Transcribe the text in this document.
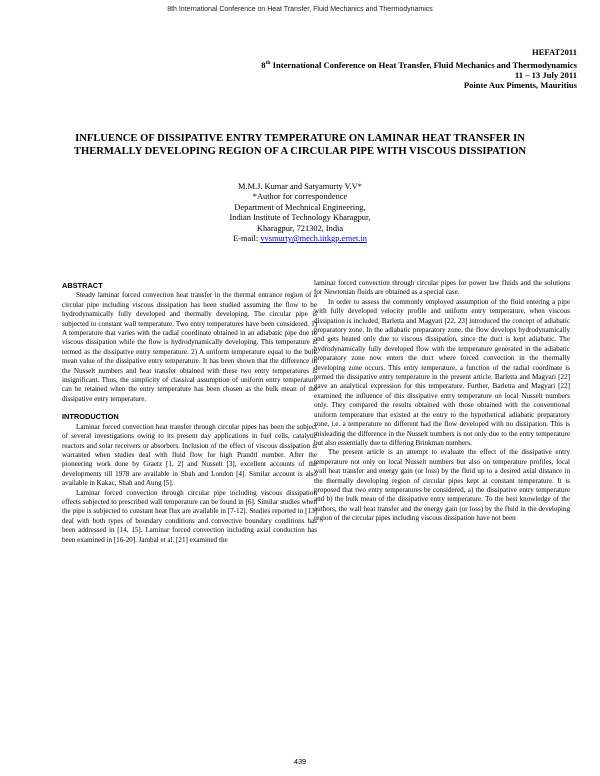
8th International Conference on Heat Transfer, Fluid Mechanics and Thermodynamics
HEFAT2011
8th International Conference on Heat Transfer, Fluid Mechanics and Thermodynamics
11 – 13 July 2011
Pointe Aux Piments, Mauritius
INFLUENCE OF DISSIPATIVE ENTRY TEMPERATURE ON LAMINAR HEAT TRANSFER IN THERMALLY DEVELOPING REGION OF A CIRCULAR PIPE WITH VISCOUS DISSIPATION
M.M.J. Kumar and Satyamurty V.V*
*Author for correspondence
Department of Mechnical Engineering,
Indian Institute of Technology Kharagpur,
Kharagpur, 721302, India
E-mail: vvsmurty@mech.iitkgp.ernet.in
ABSTRACT

Steady laminar forced convection heat transfer in the thermal entrance region of a circular pipe including viscous dissipation has been studied assuming the flow to be hydrodynamically fully developed and thermally developing. The circular pipe is subjected to constant wall temperature. Two entry temperatures have been considered. 1) A temperature that varies with the radial coordinate obtained in an adiabatic pipe due to viscous dissipation while the flow is hydrodynamically developing. This temperature is termed as the dissipative entry temperature. 2) A uniform temperature equal to the bulk mean value of the dissipative entry temperature. It has been shown that the difference in the Nusselt numbers and heat transfer obtained with these two entry temperatures is insignificant. Thus, the simplicity of classical assumption of uniform entry temperature can be retained when the entry temperature has been chosen as the bulk mean of the dissipative entry temperature.

INTRODUCTION

Laminar forced convection heat transfer through circular pipes has been the subject of several investigations owing to its present day applications in fuel cells, catalytic reactors and solar receivers or absorbers. Inclusion of the effect of viscous dissipation is warranted when studies deal with fluid flow for high Prandtl number. After the pioneering work done by Graetz [1, 2] and Nusselt [3], excellent accounts of the developments till 1978 are available in Shah and London [4]. Similar account is also available in Kakac, Shah and Aung [5].

Laminar forced convection through circular pipe including viscous dissipation effects subjected to prescribed wall temperature can be found in [6]. Similar studies when the pipe is subjected to constant heat flux are available in [7-12]. Studies reported in [13] deal with both types of boundary conditions and convective boundary conditions has been addressed in [14, 15]. Laminar forced convection including axial conduction has been examined in [16-20]. Jambal et al. [21] examined the

laminar forced convection through circular pipes for power law fluids and the solutions for Newtonian fluids are obtained as a special case.

In order to assess the commonly employed assumption of the fluid entering a pipe with fully developed velocity profile and uniform entry temperature, when viscous dissipation is included, Barletta and Magyari [22, 23] introduced the concept of adiabatic preparatory zone. In the adiabatic preparatory zone, the flow develops hydrodynamically and gets heated only due to viscous dissipation, since the duct is kept adiabatic. The hydrodynamically fully developed flow with the temperature generated in the adiabatic preparatory zone now enters the duct where forced convection in the thermally developing zone occurs. This entry temperature, a function of the radial coordinate is termed the dissipative entry temperature in the present article. Barletta and Magyari [22] gave an analytical expression for this temperature. Further, Barletta and Magyari [22] examined the influence of this dissipative entry temperature on local Nusselt numbers only. They compared the results obtained with those obtained with the conventional uniform temperature that existed at the entry to the hypothetical adiabatic preparatory zone, i.e. a temperature no different had the flow developed with no dissipation. This is misleading the difference in the Nusselt numbers is not only due to the entry temperature but also essentially due to differing Brinkman numbers.

The present article is an attempt to evaluate the effect of the dissipative entry temperature not only on local Nusselt numbers but also on temperature profiles, local wall heat transfer and energy gain (or loss) by the fluid up to a desired axial distance in the thermally developing region of circular pipes kept at constant temperature. It is proposed that two entry temperatures be considered, a) the dissipative entry temperature and b) the bulk mean of the dissipative entry temperature. To the best knowledge of the authors, the wall heat transfer and the energy gain (or loss) by the fluid in the developing region of the circular pipes including viscous dissipation have not been

439
